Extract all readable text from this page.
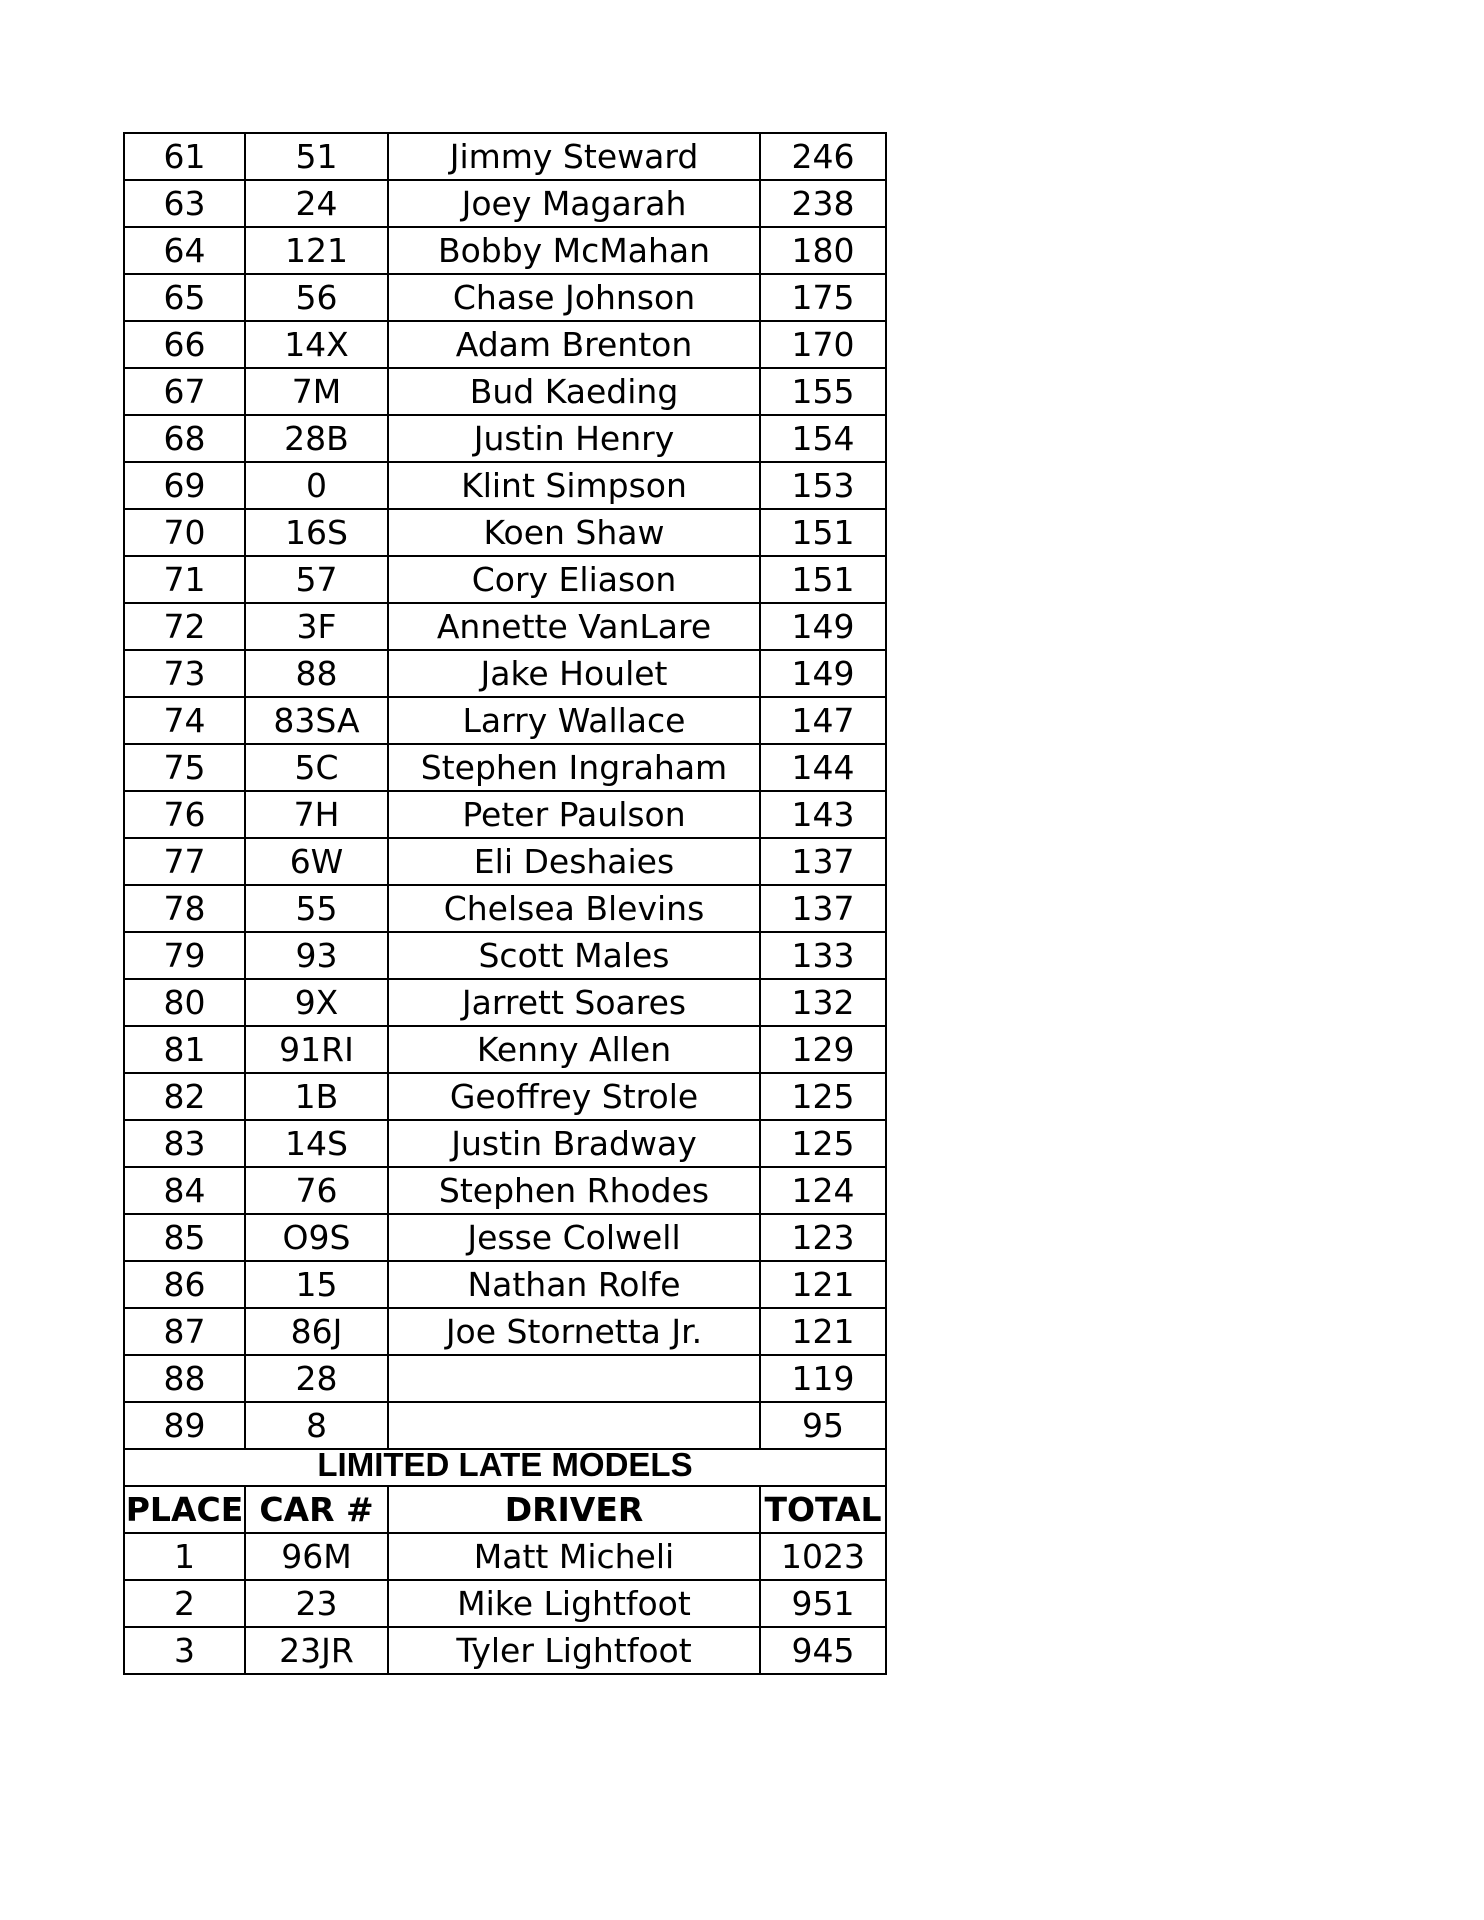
61	51	Jimmy Steward	246
63	24	Joey Magarah	238
64	121	Bobby McMahan	180
65	56	Chase Johnson	175
66	14X	Adam Brenton	170
67	7M	Bud Kaeding	155
68	28B	Justin Henry	154
69	0	Klint Simpson	153
70	16S	Koen Shaw	151
71	57	Cory Eliason	151
72	3F	Annette VanLare	149
73	88	Jake Houlet	149
74	83SA	Larry Wallace	147
75	5C	Stephen Ingraham	144
76	7H	Peter Paulson	143
77	6W	Eli Deshaies	137
78	55	Chelsea Blevins	137
79	93	Scott Males	133
80	9X	Jarrett Soares	132
81	91RI	Kenny Allen	129
82	1B	Geoffrey Strole	125
83	14S	Justin Bradway	125
84	76	Stephen Rhodes	124
85	O9S	Jesse Colwell	123
86	15	Nathan Rolfe	121
87	86J	Joe Stornetta Jr.	121
88	28		119
89	8		95
LIMITED LATE MODELS			
PLACE	CAR #	DRIVER	TOTAL
1	96M	Matt Micheli	1023
2	23	Mike Lightfoot	951
3	23JR	Tyler Lightfoot	945
